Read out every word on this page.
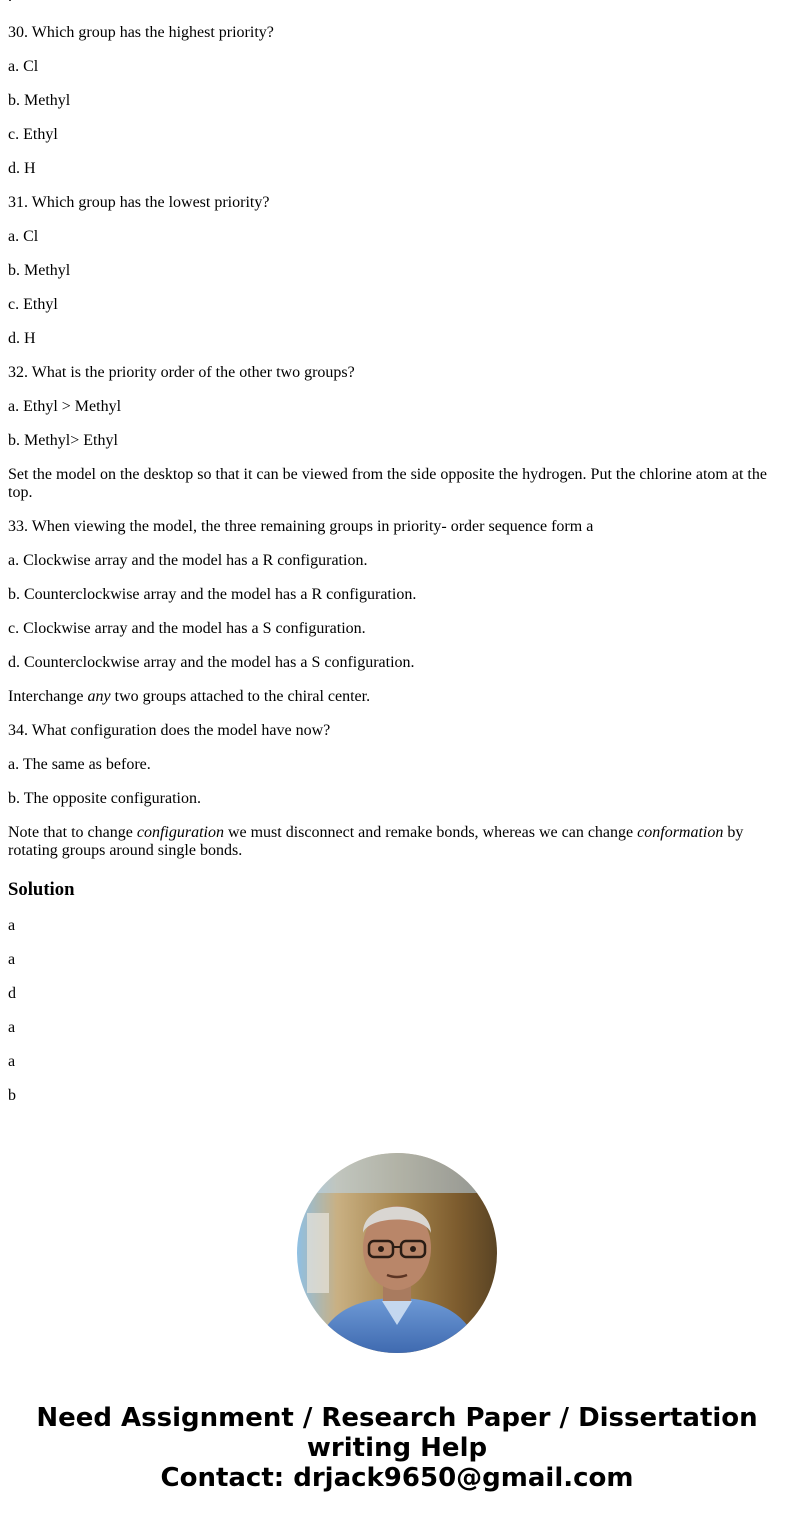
30. Which group has the highest priority?

a. Cl

b. Methyl

c. Ethyl

d. H

31. Which group has the lowest priority?

a. Cl

b. Methyl

c. Ethyl

d. H

32. What is the priority order of the other two groups?

a. Ethyl > Methyl

b. Methyl> Ethyl

Set the model on the desktop so that it can be viewed from the side opposite the hydrogen. Put the chlorine atom at the top.

33. When viewing the model, the three remaining groups in priority- order sequence form a

a. Clockwise array and the model has a R configuration.

b. Counterclockwise array and the model has a R configuration.

c. Clockwise array and the model has a S configuration.

d. Counterclockwise array and the model has a S configuration.

Interchange any two groups attached to the chiral center.

34. What configuration does the model have now?

a. The same as before.

b. The opposite configuration.

Note that to change configuration we must disconnect and remake bonds, whereas we can change conformation by rotating groups around single bonds.

Solution

a

a

d

a

a

b

Need Assignment / Research Paper / Dissertation
writing Help
Contact: drjack9650@gmail.com
